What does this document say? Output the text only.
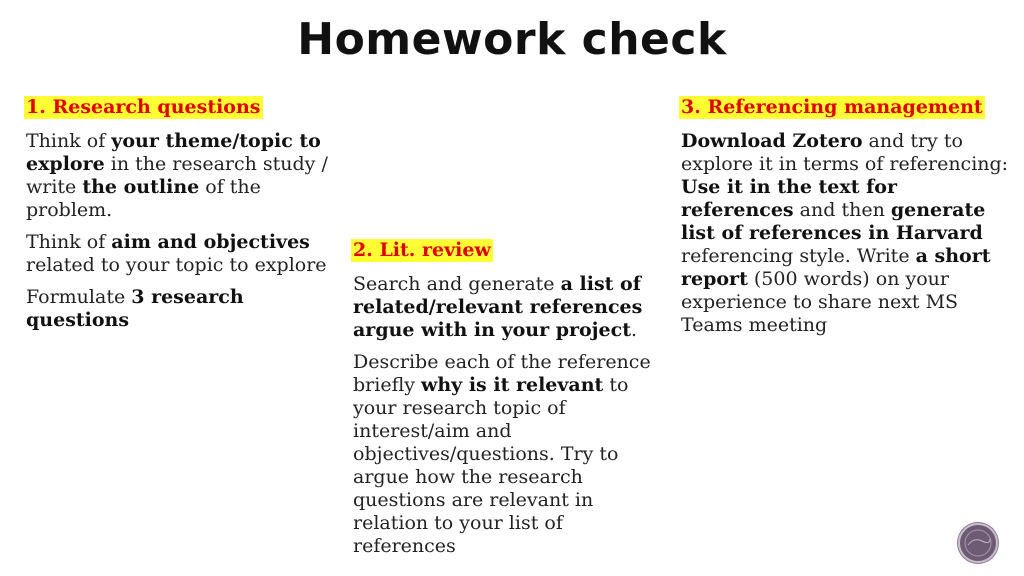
Homework check
1. Research questions

Think of your theme/topic to explore in the research study / write the outline of the problem.

Think of aim and objectives related to your topic to explore

Formulate 3 research questions

2. Lit. review

Search and generate a list of related/relevant references argue with in your project.

Describe each of the reference briefly why is it relevant to your research topic of interest/aim and objectives/questions. Try to argue how the research questions are relevant in relation to your list of references

3. Referencing management

Download Zotero and try to explore it in terms of referencing: Use it in the text for references and then generate list of references in Harvard referencing style. Write a short report (500 words) on your experience to share next MS Teams meeting
